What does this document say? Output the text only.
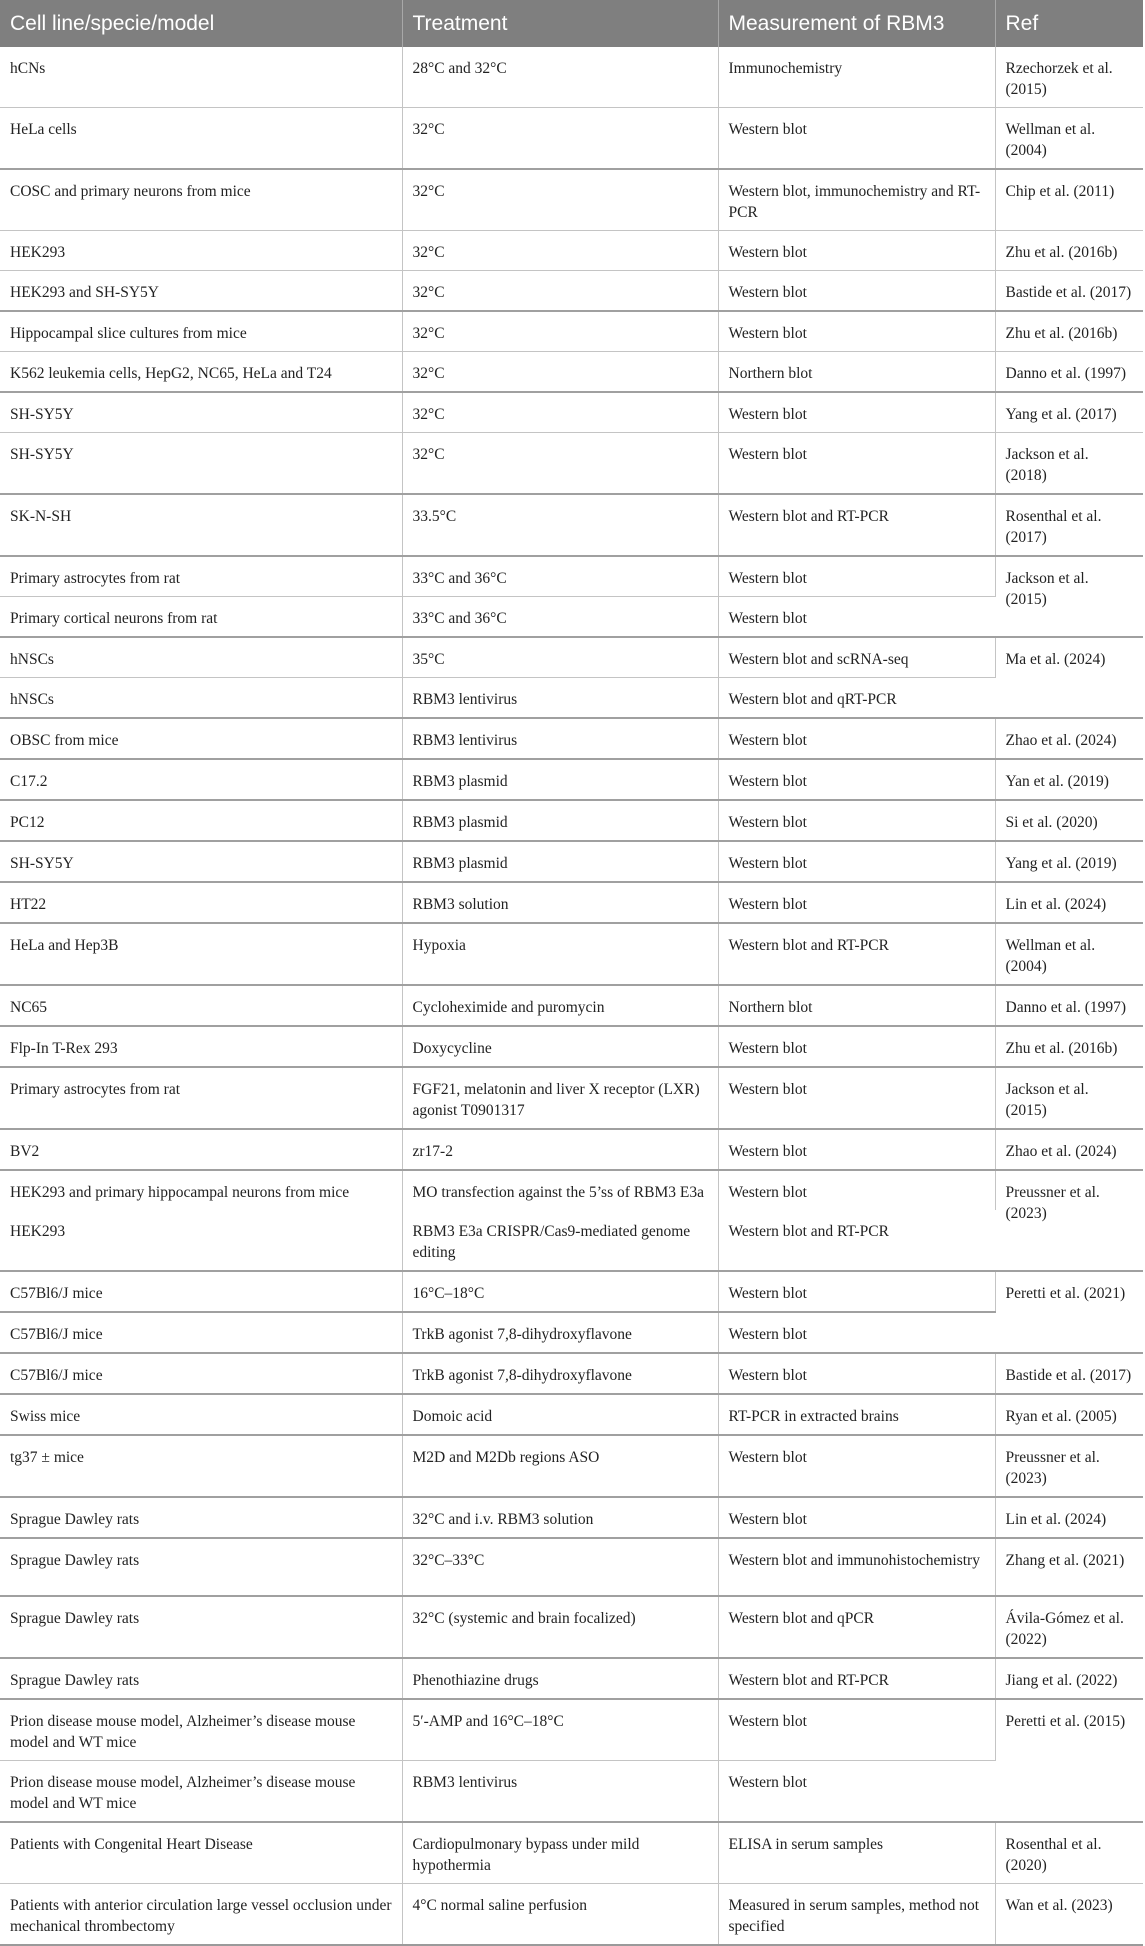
Cell line/specie/model	Treatment	Measurement of RBM3	Ref
hCNs	28°C and 32°C	Immunochemistry	Rzechorzek et al. (2015)
HeLa cells	32°C	Western blot	Wellman et al. (2004)
COSC and primary neurons from mice	32°C	Western blot, immunochemistry and RT- PCR	Chip et al. (2011)
HEK293	32°C	Western blot	Zhu et al. (2016b)
HEK293 and SH-SY5Y	32°C	Western blot	Bastide et al. (2017)
Hippocampal slice cultures from mice	32°C	Western blot	Zhu et al. (2016b)
K562 leukemia cells, HepG2, NC65, HeLa and T24	32°C	Northern blot	Danno et al. (1997)
SH-SY5Y	32°C	Western blot	Yang et al. (2017)
SH-SY5Y	32°C	Western blot	Jackson et al. (2018)
SK-N-SH	33.5°C	Western blot and RT-PCR	Rosenthal et al. (2017)
Primary astrocytes from rat	33°C and 36°C	Western blot	Jackson et al. (2015)
Primary cortical neurons from rat	33°C and 36°C	Western blot	
hNSCs	35°C	Western blot and scRNA-seq	Ma et al. (2024)
hNSCs	RBM3 lentivirus	Western blot and qRT-PCR	
OBSC from mice	RBM3 lentivirus	Western blot	Zhao et al. (2024)
C17.2	RBM3 plasmid	Western blot	Yan et al. (2019)
PC12	RBM3 plasmid	Western blot	Si et al. (2020)
SH-SY5Y	RBM3 plasmid	Western blot	Yang et al. (2019)
HT22	RBM3 solution	Western blot	Lin et al. (2024)
HeLa and Hep3B	Hypoxia	Western blot and RT-PCR	Wellman et al. (2004)
NC65	Cycloheximide and puromycin	Northern blot	Danno et al. (1997)
Flp-In T-Rex 293	Doxycycline	Western blot	Zhu et al. (2016b)
Primary astrocytes from rat	FGF21, melatonin and liver X receptor (LXR) agonist T0901317	Western blot	Jackson et al. (2015)
BV2	zr17-2	Western blot	Zhao et al. (2024)
HEK293 and primary hippocampal neurons from mice	MO transfection against the 5’ss of RBM3 E3a	Western blot	Preussner et al. (2023)
HEK293	RBM3 E3a CRISPR/Cas9-mediated genome editing	Western blot and RT-PCR	
C57Bl6/J mice	16°C–18°C	Western blot	Peretti et al. (2021)
C57Bl6/J mice	TrkB agonist 7,8-dihydroxyflavone	Western blot	
C57Bl6/J mice	TrkB agonist 7,8-dihydroxyflavone	Western blot	Bastide et al. (2017)
Swiss mice	Domoic acid	RT-PCR in extracted brains	Ryan et al. (2005)
tg37 ± mice	M2D and M2Db regions ASO	Western blot	Preussner et al. (2023)
Sprague Dawley rats	32°C and i.v. RBM3 solution	Western blot	Lin et al. (2024)
Sprague Dawley rats	32°C–33°C	Western blot and immunohistochemistry	Zhang et al. (2021)
Sprague Dawley rats	32°C (systemic and brain focalized)	Western blot and qPCR	Ávila-Gómez et al. (2022)
Sprague Dawley rats	Phenothiazine drugs	Western blot and RT-PCR	Jiang et al. (2022)
Prion disease mouse model, Alzheimer’s disease mouse model and WT mice	5′-AMP and 16°C–18°C	Western blot	Peretti et al. (2015)
Prion disease mouse model, Alzheimer’s disease mouse model and WT mice	RBM3 lentivirus	Western blot	
Patients with Congenital Heart Disease	Cardiopulmonary bypass under mild hypothermia	ELISA in serum samples	Rosenthal et al. (2020)
Patients with anterior circulation large vessel occlusion under mechanical thrombectomy	4°C normal saline perfusion	Measured in serum samples, method not specified	Wan et al. (2023)
